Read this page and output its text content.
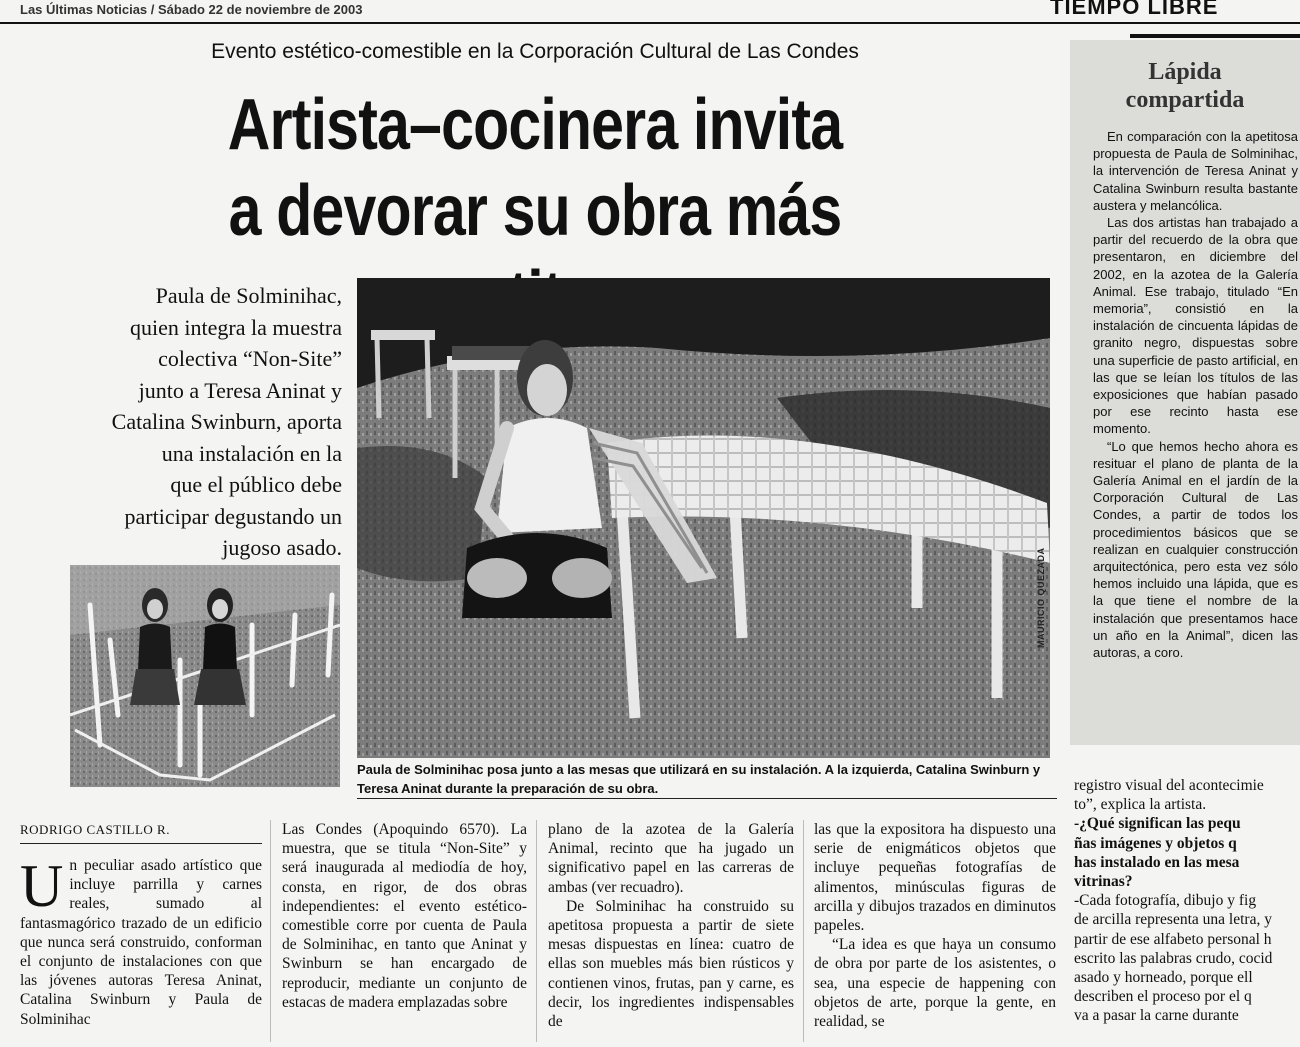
Las Últimas Noticias / Sábado 22 de noviembre de 2003	TIEMPO LIBRE
Evento estético-comestible en la Corporación Cultural de Las Condes
Artista–cocinera invita
a devorar su obra más
Paula de Solminihac,
quien integra la muestra
colectiva “Non-Site”
junto a Teresa Aninat y
Catalina Swinburn, aporta
una instalación en la
que el público debe
participar degustando un
jugoso asado.	MAURICIO QUEZADA
Paula de Solminihac posa junto a las mesas que utilizará en su instalación. A la izquierda, Catalina Swinburn y Teresa Aninat durante la preparación de su obra.
RODRIGO CASTILLO R.
U n peculiar asado artístico que incluye parrilla y carnes reales, sumado al fantasmagórico trazado de un edificio que nunca será construido, conforman el conjunto de instalaciones con que las jóvenes autoras Teresa Aninat, Catalina Swinburn y Paula de Solminihac

Las Condes (Apoquindo 6570). La muestra, que se titula “Non-Site” y será inaugurada al mediodía de hoy, consta, en rigor, de dos obras independientes: el evento estético-comestible corre por cuenta de Paula de Solminihac, en tanto que Aninat y Swinburn se han encargado de reproducir, mediante un conjunto de estacas de madera emplazadas sobre

plano de la azotea de la Galería Animal, recinto que ha jugado un significativo papel en las carreras de ambas (ver recuadro).

De Solminihac ha construido su apetitosa propuesta a partir de siete mesas dispuestas en línea: cuatro de ellas son muebles más bien rústicos y contienen vinos, frutas, pan y carne, es decir, los ingredientes indispensables de

las que la expositora ha dispuesto una serie de enigmáticos objetos que incluye pequeñas fotografías de alimentos, minúsculas figuras de arcilla y dibujos trazados en diminutos papeles.

“La idea es que haya un consumo de obra por parte de los asistentes, o sea, una especie de happening con objetos de arte, porque la gente, en realidad, se

Lápida
compartida

En comparación con la apetitosa propuesta de Paula de Solminihac, la intervención de Teresa Aninat y Catalina Swinburn resulta bastante austera y melancólica.

Las dos artistas han trabajado a partir del recuerdo de la obra que presentaron, en diciembre del 2002, en la azotea de la Galería Animal. Ese trabajo, titulado “En memoria”, consistió en la instalación de cincuenta lápidas de granito negro, dispuestas sobre una superficie de pasto artificial, en las que se leían los títulos de las exposiciones que habían pasado por ese recinto hasta ese momento.

“Lo que hemos hecho ahora es resituar el plano de planta de la Galería Animal en el jardín de la Corporación Cultural de Las Condes, a partir de todos los procedimientos básicos que se realizan en cualquier construcción arquitectónica, pero esta vez sólo hemos incluido una lápida, que es la que tiene el nombre de la instalación que presentamos hace un año en la Animal”, dicen las autoras, a coro.

registro visual del acontecimie

to”, explica la artista.

-¿Qué significan las pequ

ñas imágenes y objetos q

has instalado en las mesa

vitrinas?

-Cada fotografía, dibujo y fig

de arcilla representa una letra, y

partir de ese alfabeto personal h

escrito las palabras crudo, cocid

asado y horneado, porque ell

describen el proceso por el q

va a pasar la carne durante
